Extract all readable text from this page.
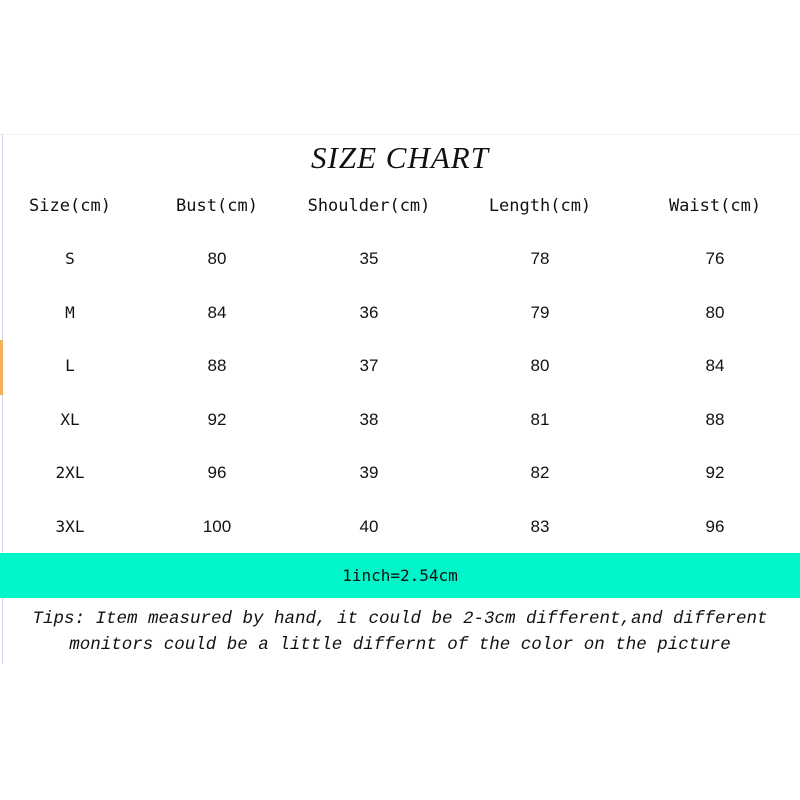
SIZE CHART
Size(cm)	Bust(cm)	Shoulder(cm)	Length(cm)	Waist(cm)
S	80	35	78	76
M	84	36	79	80
L	88	37	80	84
XL	92	38	81	88
2XL	96	39	82	92
3XL	100	40	83	96
1inch=2.54cm
Tips: Item measured by hand, it could be 2-3cm different,and different
monitors could be a little differnt of the color on the picture
